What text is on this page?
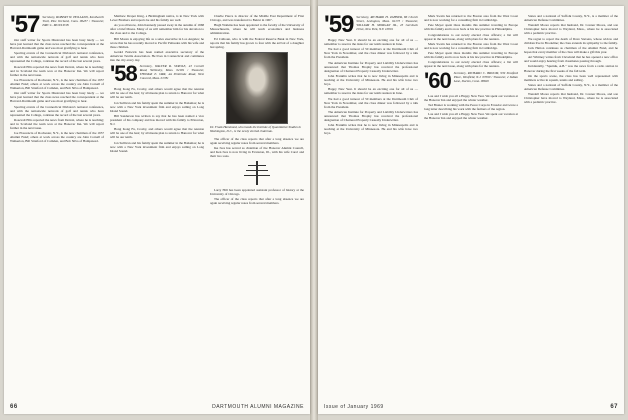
'57 Secretary, ROBERT W. HOLLAND, Kenilworth Trail, Pine Orchard, Conn. 06437 / Treasurer, ERIC L. MOULTON

Our staff writer for Sports Illustrated has been busy lately — we have just learned that the class news reached the correspondent at the Harvard-Dartmouth game and was most gratifying to hear.

Sporting events of the Connecticut Division's national conference, and with the nationwide network of golf and tennis who have represented the College, continue the record of the last several years.

Rosevalt Ellis reported the news from Detroit, where he is teaching; and in Scotland the team won at the Hanover Inn. We will report further in the next issue.

Joe Plascencia of Rochester, N.Y., is the new chairman of the 1957 Alumni Fund; others at work across the country are John Cornell of Walkerton, Bill Stratford of Camden, and Bob Silva of Hampstead.

Our staff writer for Sports Illustrated has been busy lately — we have just learned that the class news reached the correspondent at the Harvard-Dartmouth game and was most gratifying to hear.

Sporting events of the Connecticut Division's national conference, and with the nationwide network of golf and tennis who have represented the College, continue the record of the last several years.

Rosevalt Ellis reported the news from Detroit, where he is teaching; and in Scotland the team won at the Hanover Inn. We will report further in the next issue.

Joe Plascencia of Rochester, N.Y., is the new chairman of the 1957 Alumni Fund; others at work across the country are John Cornell of Walkerton, Bill Stratford of Camden, and Bob Silva of Hampstead.

Matthew Draper King, a Birmingham native, is in New York with Lever Brothers and reports he and his family are well.

As you all know, John Kennedy passed away in the autumn of 1968 after a brief illness. Many of us will remember him for his devotion to the class and to the College.

Bill Moran is enjoying life as a sales executive in Los Angeles; he wrote that he has recently moved to Pacific Palisades with his wife and three children.

Gerald Fenwick has been named executive secretary of the American Textile Association. He lives in Connecticut and commutes into the city every day.

'58 Secretary, WALTER R. STROLE, 43 Cornell Road, Wellesley, Mass. 02181 / Treasurer, THOMAS E. ORR, 4A Pembroke Road, West Concord, Mass. 01781

Hong Kong Fu, Crosby, and others would agree that the reunion will be one of the best; by all means plan to return to Hanover for what will be our tenth.

Jon Sullivan and his family spent the summer in the Bahamas; he is now with a New York investment firm and enjoys sailing on Long Island Sound.

Bill Sanderson has written to say that he has been named a vice president of his company and has moved with his family to Princeton, N.J.

Hong Kong Fu, Crosby, and others would agree that the reunion will be one of the best; by all means plan to return to Hanover for what will be our tenth.

Jon Sullivan and his family spent the summer in the Bahamas; he is now with a New York investment firm and enjoys sailing on Long Island Sound.

Charlie Pierce is director of the Middle East Department of First Chicago, and was transferred to Beirut in 1967.

Hugh Watkins has been appointed to the faculty of the University of Massachusetts, where he will teach economics and business administration.

Ed Calhoun, who is with the Federal Reserve Bank in New York, reports that his family has grown to four with the arrival of a daughter last spring.

Dr. Frank Hammond, who heads the Institute of Quantitative Studies in Washington, D.C., is the newly elected chairman.

The officer of the class reports that after a long absence we are again receiving regular notes from several members.

Ike Ives has served as chairman of the Hanover Alumni Council, and Ken Ives is now living in Evanston, Ill., with his wife Carol and their two sons.

Larry Hill has been appointed assistant professor of history at the University of Chicago.

The officer of the class reports that after a long absence we are again receiving regular notes from several members.

66	DARTMOUTH ALUMNI MAGAZINE
'59 Secretary, RICHARD H. ZAHNER, 86 Church Street, Lexington, Mass. 02173 / Treasurer, WILLIAM H. MORGAN JR., 25 Gershwin Drive, New York, N.Y. 10001

Happy New Year. It should be an exciting one for all of us — remember to reserve the dates for our tenth reunion in June.

We had a good turnout of 50 members at the Dartmouth Club of New York in November, and the class dinner was followed by a talk from the President.

The American Institute for Property and Liability Underwriters has announced that Thomas Brophy has received the professional designation of Chartered Property Casualty Underwriter.

John Franklin writes that he is now living in Minneapolis and is teaching at the University of Minnesota. He and his wife have two boys.

Happy New Year. It should be an exciting one for all of us — remember to reserve the dates for our tenth reunion in June.

We had a good turnout of 50 members at the Dartmouth Club of New York in November, and the class dinner was followed by a talk from the President.

The American Institute for Property and Liability Underwriters has announced that Thomas Brophy has received the professional designation of Chartered Property Casualty Underwriter.

John Franklin writes that he is now living in Minneapolis and is teaching at the University of Minnesota. He and his wife have two boys.

Mark Swain has returned to the Boston area from the West Coast and is now working for a consulting firm in Cambridge.

Pete Meyer spent three months this summer traveling in Europe with his family and is now back at his law practice in Philadelphia.

Congratulations to our newly elected class officers; a list will appear in the next issue, along with plans for the reunion.

Mark Swain has returned to the Boston area from the West Coast and is now working for a consulting firm in Cambridge.

Pete Meyer spent three months this summer traveling in Europe with his family and is now back at his law practice in Philadelphia.

Congratulations to our newly elected class officers; a list will appear in the next issue, along with plans for the reunion.

'60 Secretary, RICHARD C. BROOM, 939 Stratford Place, Westfield, N.J. 07090 / Treasurer, 2 Indian Lane, Darien, Conn. 06820

Lou and I wish you all a Happy New Year. We spent our vacation at the Hanover Inn and enjoyed the winter weather.

Ted Bruner is working with the Peace Corps in Ecuador and wrote a long letter describing his work with the farmers of the region.

Lou and I wish you all a Happy New Year. We spent our vacation at the Hanover Inn and enjoyed the winter weather.

States and a national of Suffolk County, N.Y., is a member of the American Defense Committee.

Wendell Moore reports that husband, Dr. Conner Moore, and son Christopher have moved to Wayland, Mass., where he is associated with a pediatric practice.

We regret to report the death of Dave Stevens, whose widow and children live in Brookline; the class extends its sympathy to the family.

Jack Hatton continues as chairman of the Alumni Fund, and he hopes that every member of the class will make a gift this year.

Art Whitney writes from Cleveland that he has opened a new office and would enjoy hearing from classmates passing through.

Incidentally, "Sputnik, A.B." was the news from a radio station in Hanover during the first weeks of the fall term.

On the sports scene, the class has been well represented with members active in squash, tennis and sailing.

States and a national of Suffolk County, N.Y., is a member of the American Defense Committee.

Wendell Moore reports that husband, Dr. Conner Moore, and son Christopher have moved to Wayland, Mass., where he is associated with a pediatric practice.

Issue of January 1969	67
